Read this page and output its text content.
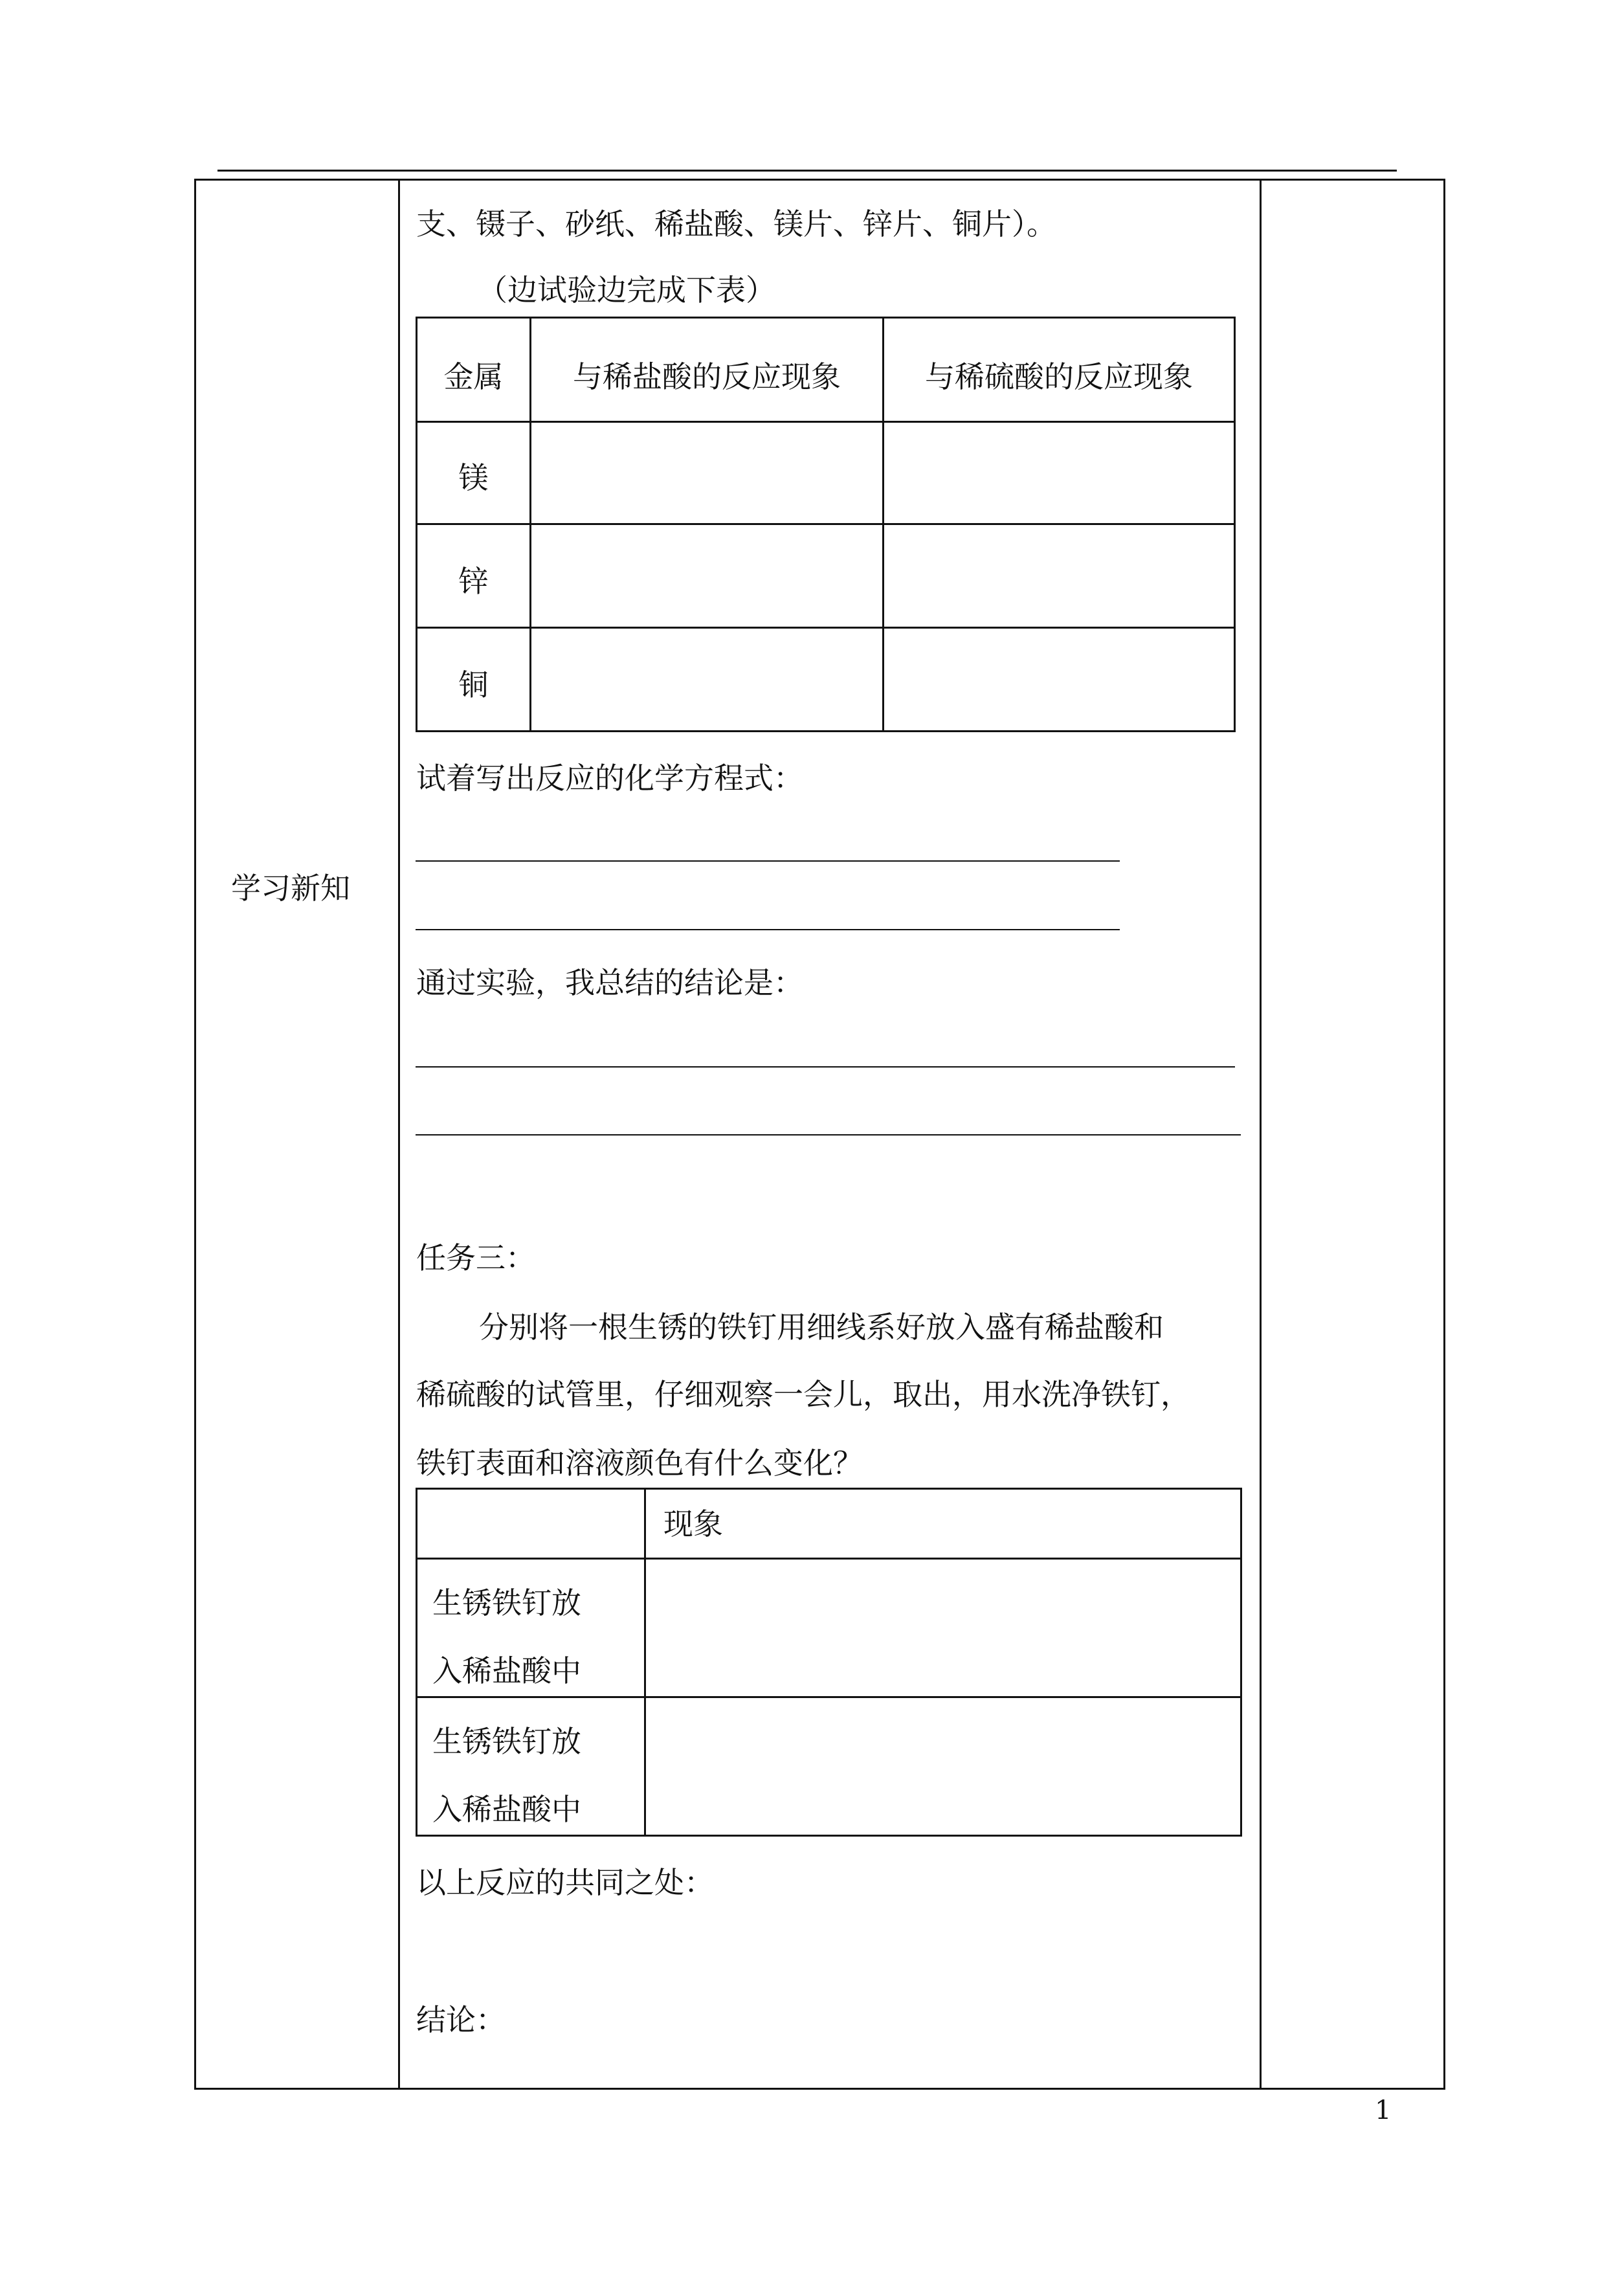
学习新知
支、镊子、砂纸、稀盐酸、镁片、锌片、铜片）。
（边试验边完成下表）
金属	与稀盐酸的反应现象	与稀硫酸的反应现象
镁
锌
铜
试着写出反应的化学方程式：
通过实验，我总结的结论是：
任务三：
分别将一根生锈的铁钉用细线系好放入盛有稀盐酸和
稀硫酸的试管里，仔细观察一会儿，取出，用水洗净铁钉，
铁钉表面和溶液颜色有什么变化？
现象
生锈铁钉放
入稀盐酸中
生锈铁钉放
入稀盐酸中
以上反应的共同之处：
结论：
1
